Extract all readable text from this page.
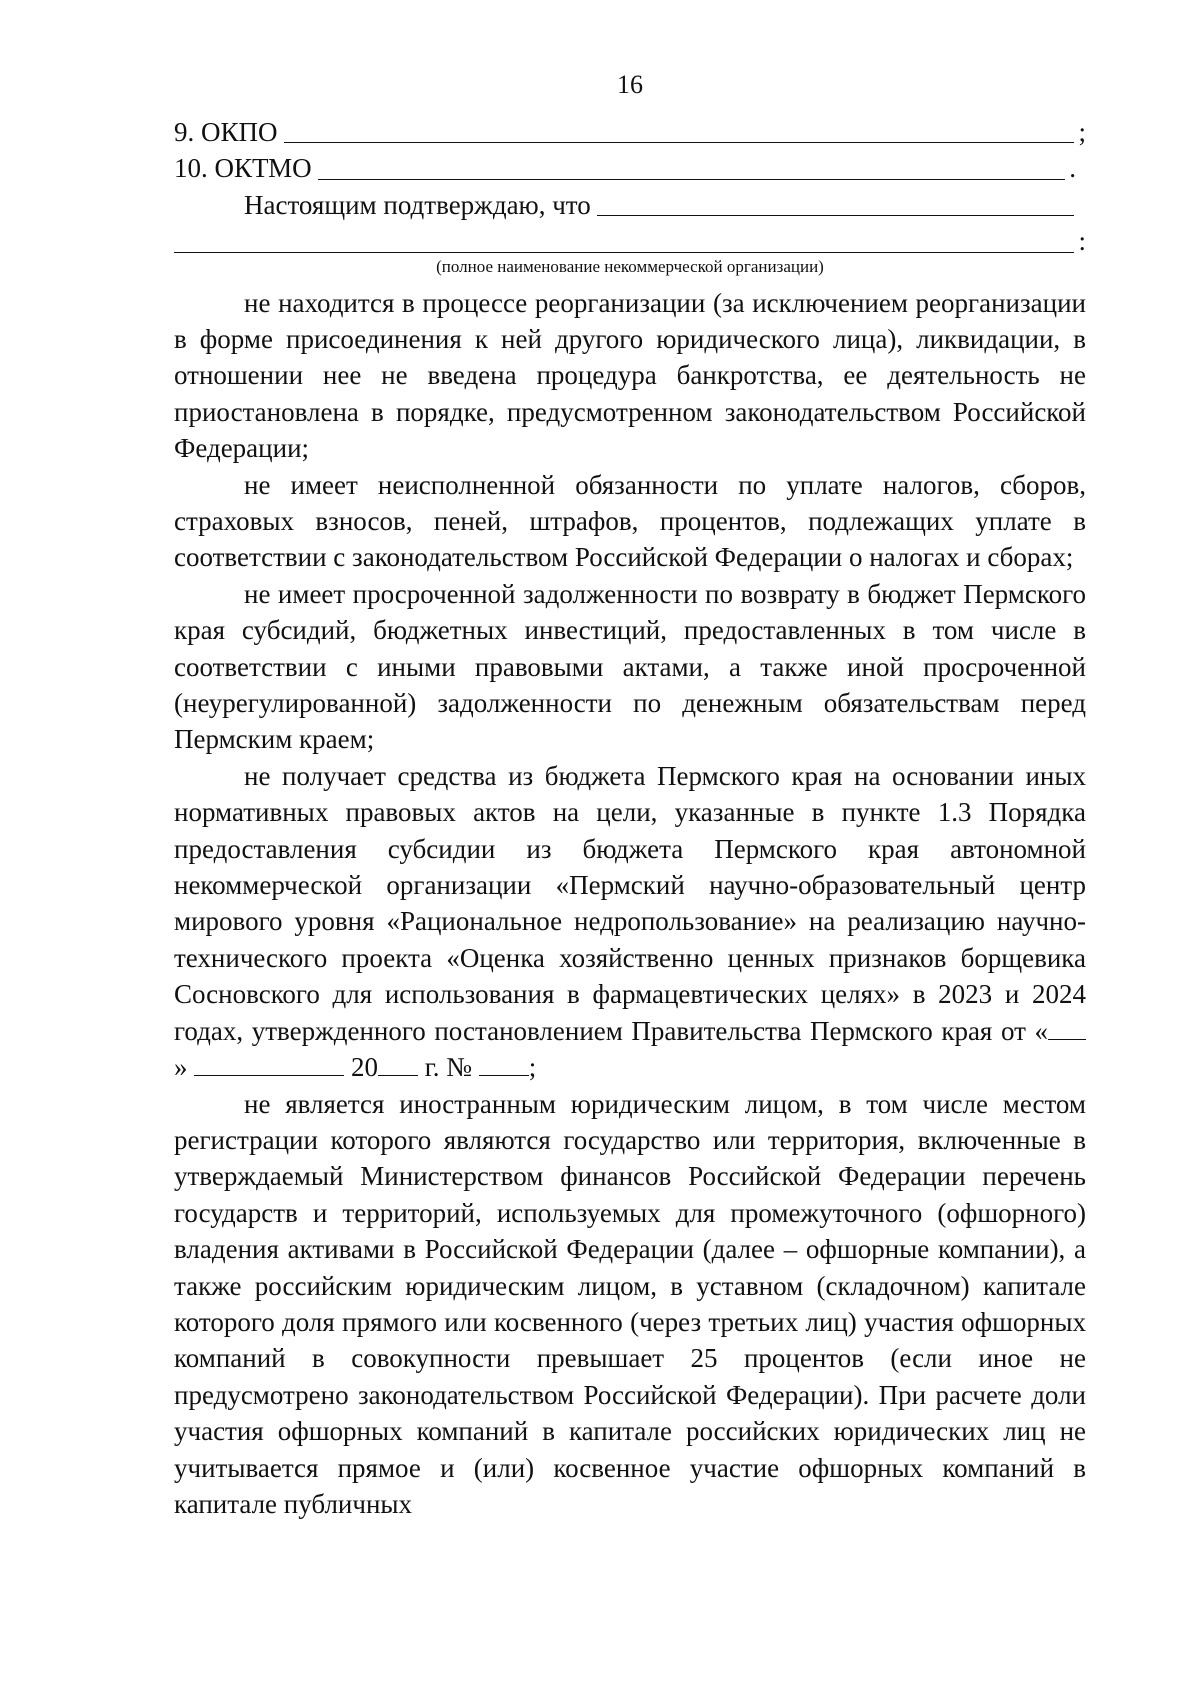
16
9. ОКПО	;
10. ОКТМО	.
Настоящим подтверждаю, что
:
(полное наименование некоммерческой организации)

не находится в процессе реорганизации (за исключением реорганизации в форме присоединения к ней другого юридического лица), ликвидации, в отношении нее не введена процедура банкротства, ее деятельность не приостановлена в порядке, предусмотренном законодательством Российской Федерации;

не имеет неисполненной обязанности по уплате налогов, сборов, страховых взносов, пеней, штрафов, процентов, подлежащих уплате в соответствии с законодательством Российской Федерации о налогах и сборах;

не имеет просроченной задолженности по возврату в бюджет Пермского края субсидий, бюджетных инвестиций, предоставленных в том числе в соответствии с иными правовыми актами, а также иной просроченной (неурегулированной) задолженности по денежным обязательствам перед Пермским краем;

не получает средства из бюджета Пермского края на основании иных нормативных правовых актов на цели, указанные в пункте 1.3 Порядка предоставления субсидии из бюджета Пермского края автономной некоммерческой организации «Пермский научно-образовательный центр мирового уровня «Рациональное недропользование» на реализацию научно-технического проекта «Оценка хозяйственно ценных признаков борщевика Сосновского для использования в фармацевтических целях» в 2023 и 2024 годах, утвержденного постановлением Правительства Пермского края от «»	20 г. № ;

не является иностранным юридическим лицом, в том числе местом регистрации которого являются государство или территория, включенные в утверждаемый Министерством финансов Российской Федерации перечень государств и территорий, используемых для промежуточного (офшорного) владения активами в Российской Федерации (далее – офшорные компании), а также российским юридическим лицом, в уставном (складочном) капитале которого доля прямого или косвенного (через третьих лиц) участия офшорных компаний в совокупности превышает 25 процентов (если иное не предусмотрено законодательством Российской Федерации). При расчете доли участия офшорных компаний в капитале российских юридических лиц не учитывается прямое и (или) косвенное участие офшорных компаний в капитале публичных
